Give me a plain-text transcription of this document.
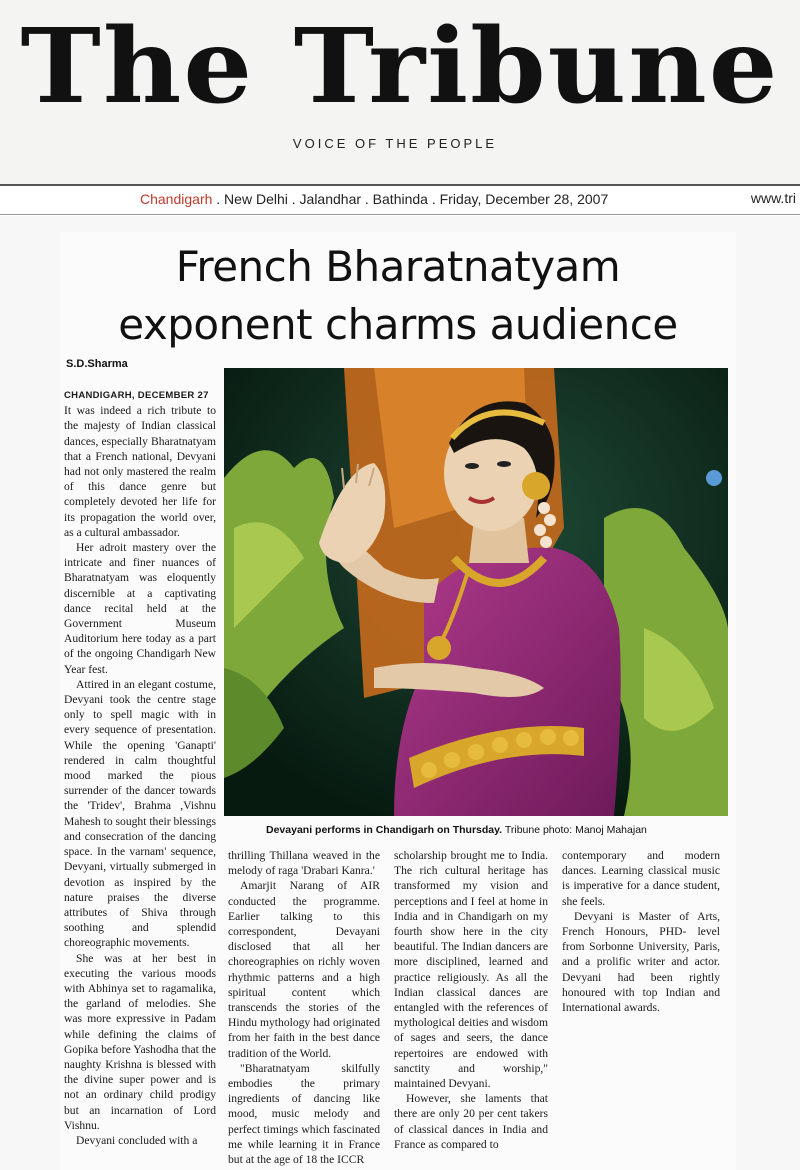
The Tribune
VOICE OF THE PEOPLE
Chandigarh . New Delhi . Jalandhar . Bathinda . Friday, December 28, 2007	www.tri
French Bharatnatyam
exponent charms audience
S.D.Sharma
Devayani performs in Chandigarh on Thursday. Tribune photo: Manoj Mahajan
CHANDIGARH, DECEMBER 27

It was indeed a rich tribute to the majesty of Indian classical dances, especially Bharatnatyam that a French national, Devyani had not only mastered the realm of this dance genre but completely devoted her life for its propagation the world over, as a cultural ambassador.

Her adroit mastery over the intricate and finer nuances of Bharatnatyam was eloquently discernible at a captivating dance recital held at the Government Museum Auditorium here today as a part of the ongoing Chandigarh New Year fest.

Attired in an elegant costume, Devyani took the centre stage only to spell magic with in every sequence of presentation. While the opening 'Ganapti' rendered in calm thoughtful mood marked the pious surrender of the dancer towards the 'Tridev', Brahma ,Vishnu Mahesh to sought their blessings and consecration of the dancing space. In the varnam' sequence, Devyani, virtually submerged in devotion as inspired by the nature praises the diverse attributes of Shiva through soothing and splendid choreographic movements.

She was at her best in executing the various moods with Abhinya set to ragamalika, the garland of melodies. She was more expressive in Padam while defining the claims of Gopika before Yashodha that the naughty Krishna is blessed with the divine super power and is not an ordinary child prodigy but an incarnation of Lord Vishnu.

Devyani concluded with a

thrilling Thillana weaved in the melody of raga 'Drabari Kanra.'

Amarjit Narang of AIR conducted the programme. Earlier talking to this correspondent, Devayani disclosed that all her choreographies on richly woven rhythmic patterns and a high spiritual content which transcends the stories of the Hindu mythology had originated from her faith in the best dance tradition of the World.

"Bharatnatyam skilfully embodies the primary ingredients of dancing like mood, music melody and perfect timings which fascinated me while learning it in France but at the age of 18 the ICCR

scholarship brought me to India. The rich cultural heritage has transformed my vision and perceptions and I feel at home in India and in Chandigarh on my fourth show here in the city beautiful. The Indian dancers are more disciplined, learned and practice religiously. As all the Indian classical dances are entangled with the references of mythological deities and wisdom of sages and seers, the dance repertoires are endowed with sanctity and worship," maintained Devyani.

However, she laments that there are only 20 per cent takers of classical dances in India and France as compared to

contemporary and modern dances. Learning classical music is imperative for a dance student, she feels.

Devyani is Master of Arts, French Honours, PHD- level from Sorbonne University, Paris, and a prolific writer and actor. Devyani had been rightly honoured with top Indian and International awards.
